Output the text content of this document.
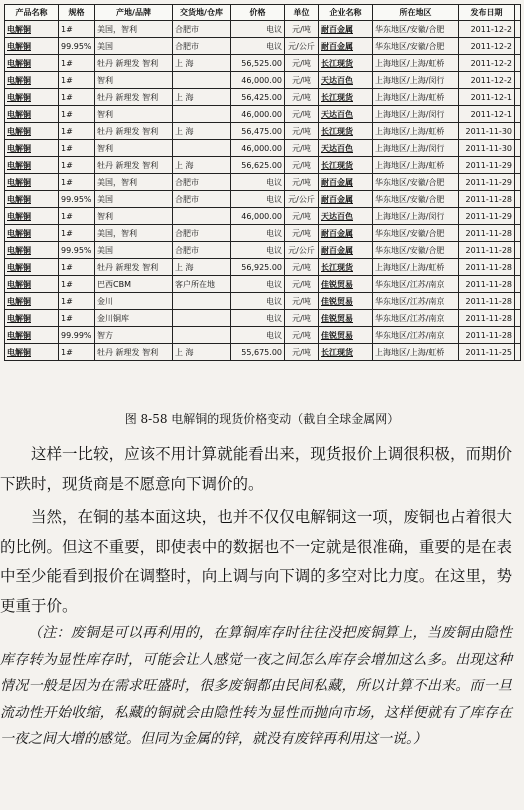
产品名称	规格	产地/品牌	交货地/仓库	价格	单位	企业名称	所在地区	发布日期	
电解铜	1#	美国，智利	合肥市	电议	元/吨	耐百金属	华东地区/安徽/合肥	2011-12-2	
电解铜	99.95%	美国	合肥市	电议	元/公斤	耐百金属	华东地区/安徽/合肥	2011-12-2	
电解铜	1#	牡丹 新理发 智利	上 海	56,525.00	元/吨	长江现货	上海地区/上海/虹桥	2011-12-2	
电解铜	1#	智利		46,000.00	元/吨	天达百色	上海地区/上海/闵行	2011-12-2	
电解铜	1#	牡丹 新理发 智利	上 海	56,425.00	元/吨	长江现货	上海地区/上海/虹桥	2011-12-1	
电解铜	1#	智利		46,000.00	元/吨	天达百色	上海地区/上海/闵行	2011-12-1	
电解铜	1#	牡丹 新理发 智利	上 海	56,475.00	元/吨	长江现货	上海地区/上海/虹桥	2011-11-30	
电解铜	1#	智利		46,000.00	元/吨	天达百色	上海地区/上海/闵行	2011-11-30	
电解铜	1#	牡丹 新理发 智利	上 海	56,625.00	元/吨	长江现货	上海地区/上海/虹桥	2011-11-29	
电解铜	1#	美国，智利	合肥市	电议	元/吨	耐百金属	华东地区/安徽/合肥	2011-11-29	
电解铜	99.95%	美国	合肥市	电议	元/公斤	耐百金属	华东地区/安徽/合肥	2011-11-28	
电解铜	1#	智利		46,000.00	元/吨	天达百色	上海地区/上海/闵行	2011-11-29	
电解铜	1#	美国，智利	合肥市	电议	元/吨	耐百金属	华东地区/安徽/合肥	2011-11-28	
电解铜	99.95%	美国	合肥市	电议	元/公斤	耐百金属	华东地区/安徽/合肥	2011-11-28	
电解铜	1#	牡丹 新理发 智利	上 海	56,925.00	元/吨	长江现货	上海地区/上海/虹桥	2011-11-28	
电解铜	1#	巴西CBM	客户所在地	电议	元/吨	佳锐贸易	华东地区/江苏/南京	2011-11-28	
电解铜	1#	金川		电议	元/吨	佳锐贸易	华东地区/江苏/南京	2011-11-28	
电解铜	1#	金川铜库		电议	元/吨	佳锐贸易	华东地区/江苏/南京	2011-11-28	
电解铜	99.99%	智方		电议	元/吨	佳锐贸易	华东地区/江苏/南京	2011-11-28	
电解铜	1#	牡丹 新理发 智利	上 海	55,675.00	元/吨	长江现货	上海地区/上海/虹桥	2011-11-25	
图 8-58 电解铜的现货价格变动（截自全球金属网）

这样一比较，应该不用计算就能看出来，现货报价上调很积极，而期价下跌时，现货商是不愿意向下调价的。

当然，在铜的基本面这块，也并不仅仅电解铜这一项，废铜也占着很大的比例。但这不重要，即使表中的数据也不一定就是很准确，重要的是在表中至少能看到报价在调整时，向上调与向下调的多空对比力度。在这里，势更重于价。

（注：废铜是可以再利用的，在算铜库存时往往没把废铜算上，当废铜由隐性库存转为显性库存时，可能会让人感觉一夜之间怎么库存会增加这么多。出现这种情况一般是因为在需求旺盛时，很多废铜都由民间私藏，所以计算不出来。而一旦流动性开始收缩，私藏的铜就会由隐性转为显性而抛向市场，这样便就有了库存在一夜之间大增的感觉。但同为金属的锌，就没有废锌再利用这一说。）
